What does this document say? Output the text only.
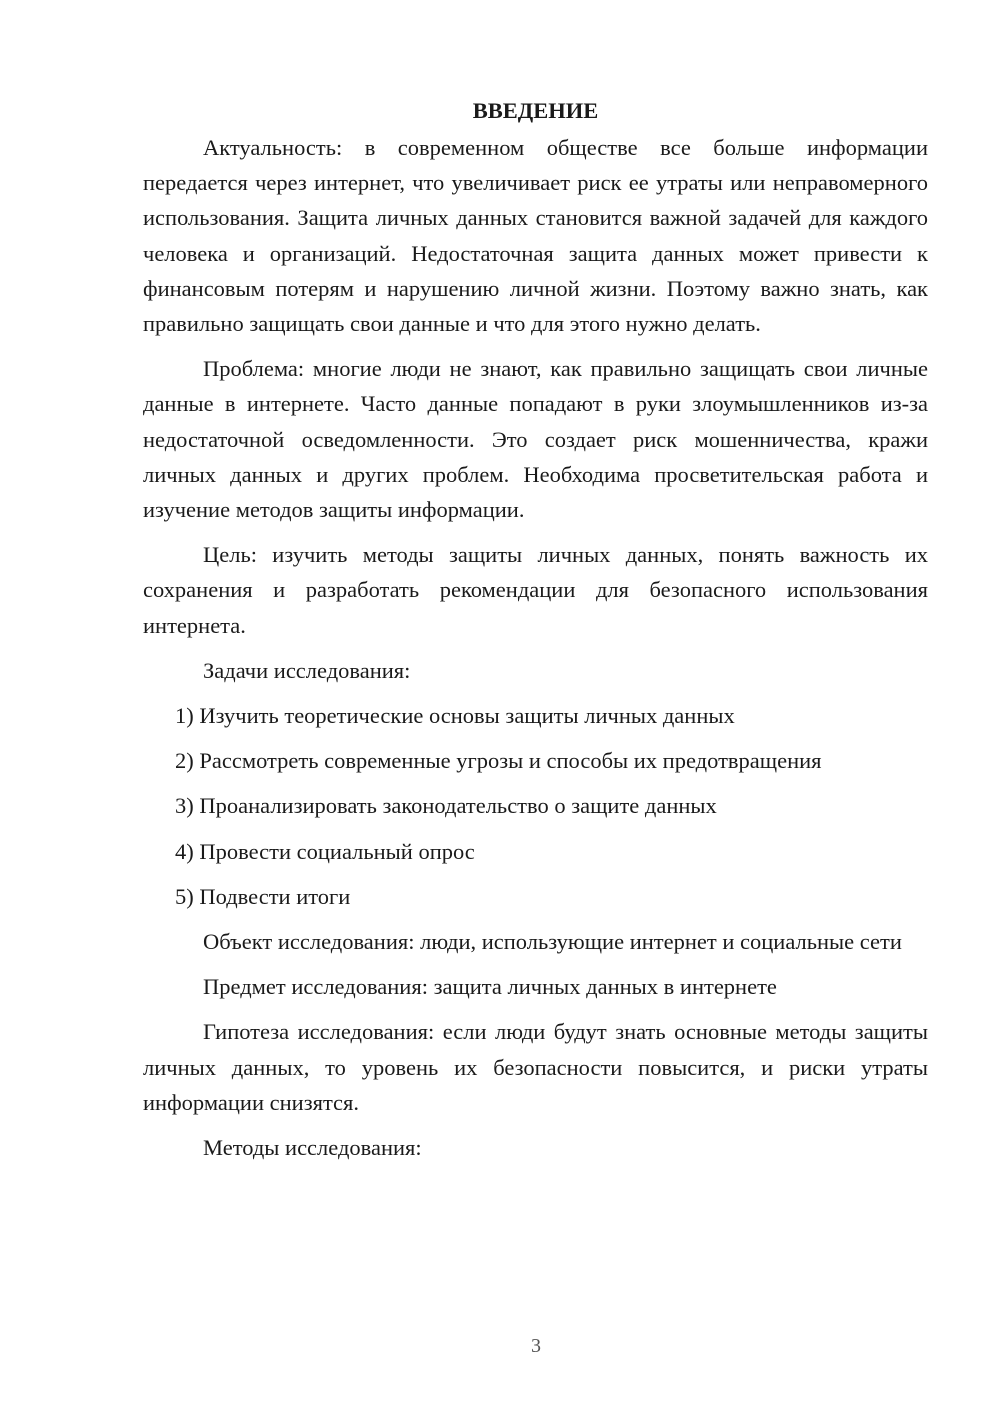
ВВЕДЕНИЕ

Актуальность: в современном обществе все больше информации передается через интернет, что увеличивает риск ее утраты или неправомерного использования. Защита личных данных становится важной задачей для каждого человека и организаций. Недостаточная защита данных может привести к финансовым потерям и нарушению личной жизни. Поэтому важно знать, как правильно защищать свои данные и что для этого нужно делать.

Проблема: многие люди не знают, как правильно защищать свои личные данные в интернете. Часто данные попадают в руки злоумышленников из-за недостаточной осведомленности. Это создает риск мошенничества, кражи личных данных и других проблем. Необходима просветительская работа и изучение методов защиты информации.

Цель: изучить методы защиты личных данных, понять важность их сохранения и разработать рекомендации для безопасного использования интернета.

Задачи исследования:

1) Изучить теоретические основы защиты личных данных
2) Рассмотреть современные угрозы и способы их предотвращения
3) Проанализировать законодательство о защите данных
4) Провести социальный опрос
5) Подвести итоги

Объект исследования: люди, использующие интернет и социальные сети

Предмет исследования: защита личных данных в интернете

Гипотеза исследования: если люди будут знать основные методы защиты личных данных, то уровень их безопасности повысится, и риски утраты информации снизятся.

Методы исследования:

3
